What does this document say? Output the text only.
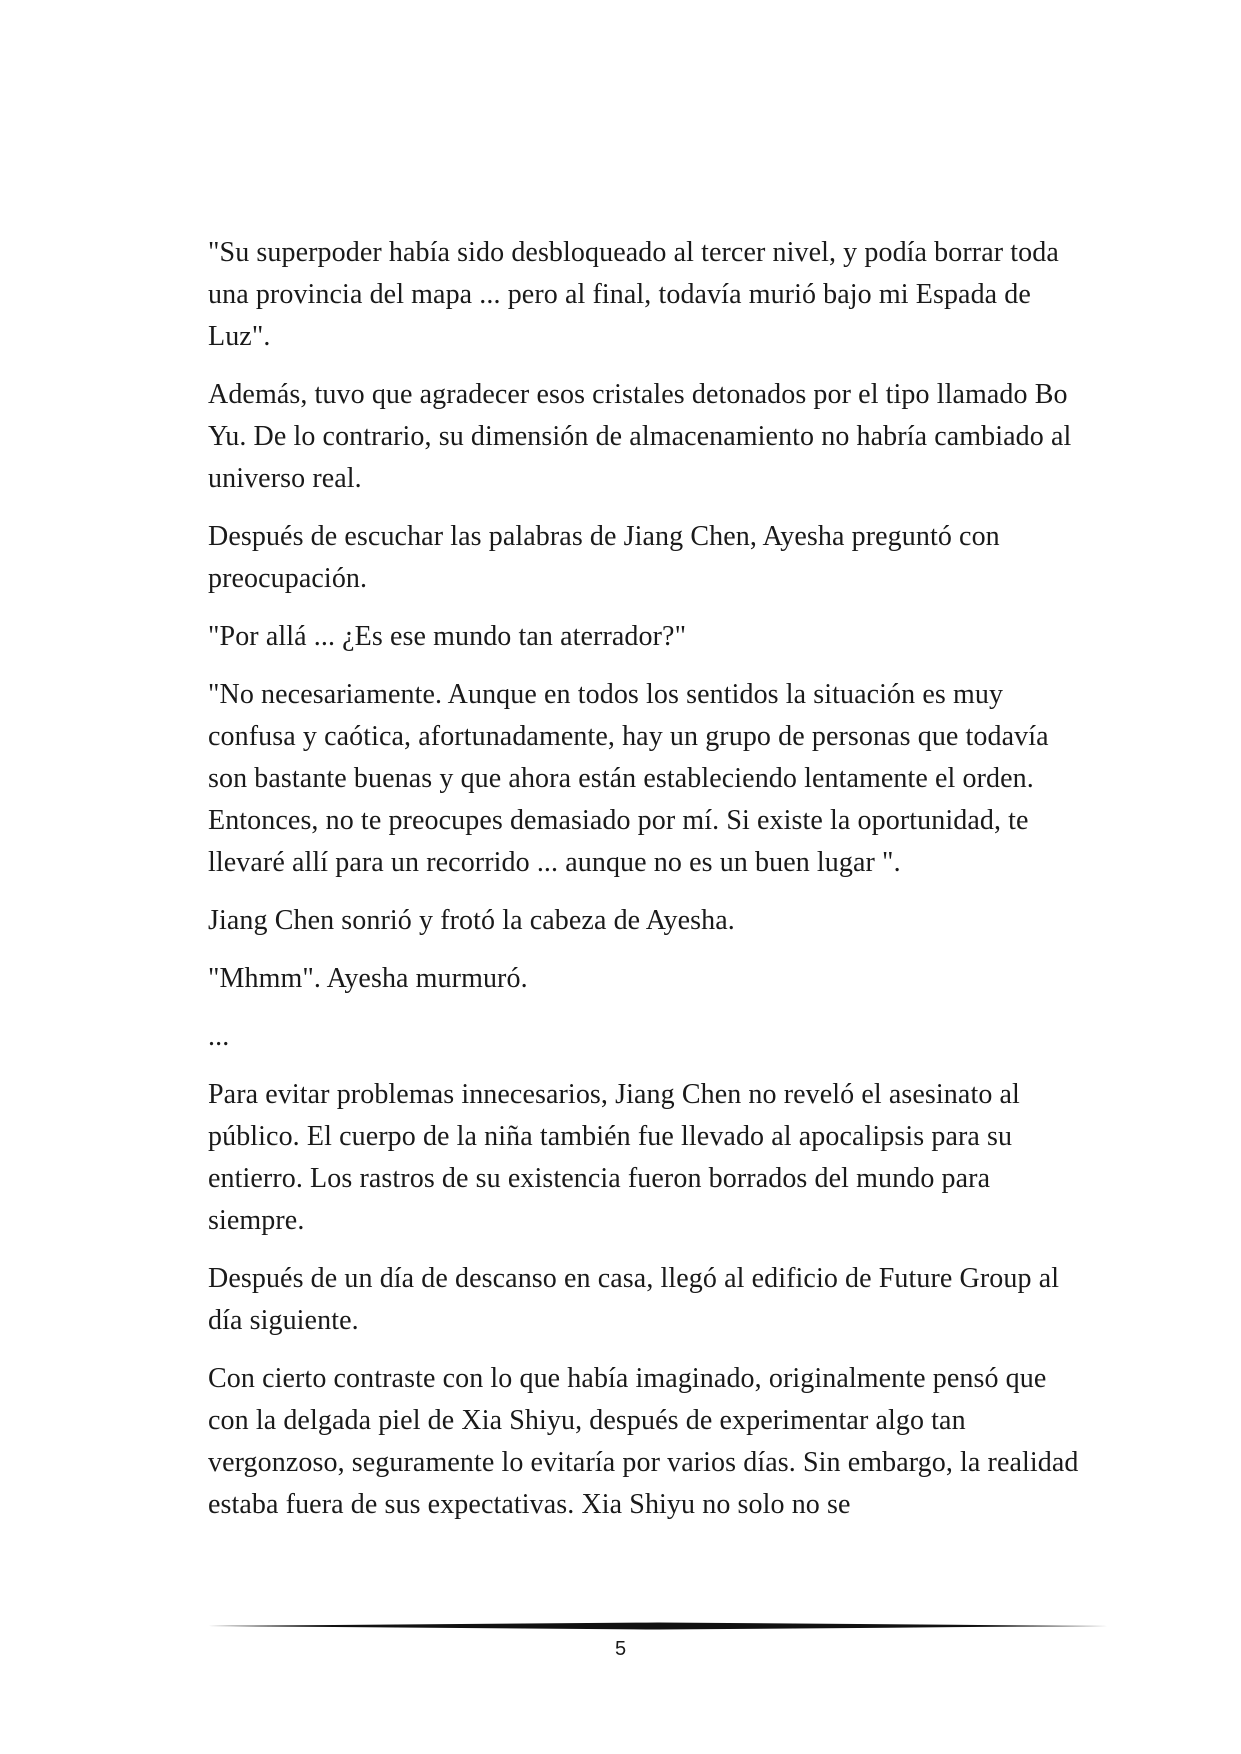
"Su superpoder había sido desbloqueado al tercer nivel, y podía borrar toda una provincia del mapa ... pero al final, todavía murió bajo mi Espada de Luz".

Además, tuvo que agradecer esos cristales detonados por el tipo llamado Bo Yu. De lo contrario, su dimensión de almacenamiento no habría cambiado al universo real.

Después de escuchar las palabras de Jiang Chen, Ayesha preguntó con preocupación.

"Por allá ... ¿Es ese mundo tan aterrador?"

"No necesariamente. Aunque en todos los sentidos la situación es muy confusa y caótica, afortunadamente, hay un grupo de personas que todavía son bastante buenas y que ahora están estableciendo lentamente el orden. Entonces, no te preocupes demasiado por mí. Si existe la oportunidad, te llevaré allí para un recorrido ... aunque no es un buen lugar ".

Jiang Chen sonrió y frotó la cabeza de Ayesha.

"Mhmm". Ayesha murmuró.

...

Para evitar problemas innecesarios, Jiang Chen no reveló el asesinato al público. El cuerpo de la niña también fue llevado al apocalipsis para su entierro. Los rastros de su existencia fueron borrados del mundo para siempre.

Después de un día de descanso en casa, llegó al edificio de Future Group al día siguiente.

Con cierto contraste con lo que había imaginado, originalmente pensó que con la delgada piel de Xia Shiyu, después de experimentar algo tan vergonzoso, seguramente lo evitaría por varios días. Sin embargo, la realidad estaba fuera de sus expectativas. Xia Shiyu no solo no se

5
